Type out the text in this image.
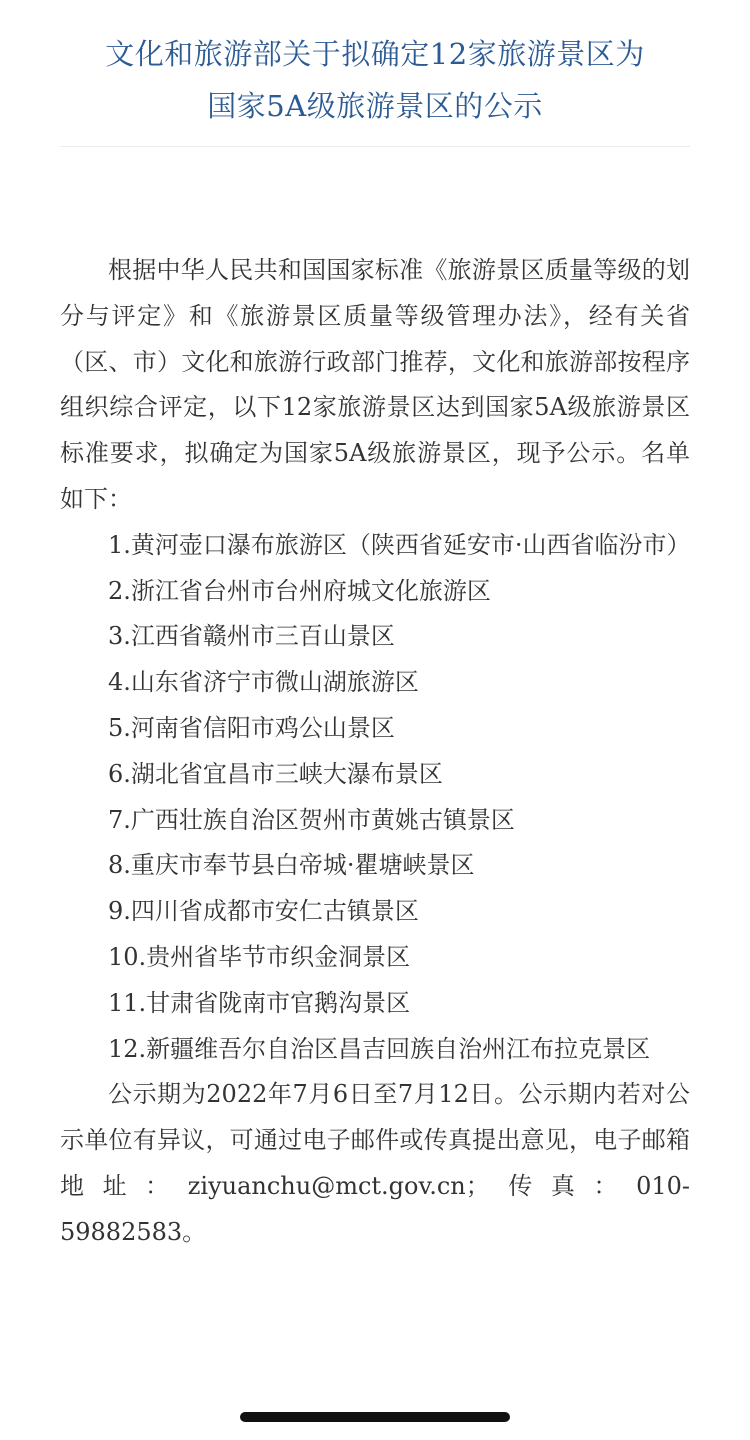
文化和旅游部关于拟确定12家旅游景区为
国家5A级旅游景区的公示

根据中华人民共和国国家标准《旅游景区质量等级的划分与评定》和《旅游景区质量等级管理办法》，经有关省（区、市）文化和旅游行政部门推荐，文化和旅游部按程序组织综合评定，以下12家旅游景区达到国家5A级旅游景区标准要求，拟确定为国家5A级旅游景区，现予公示。名单如下：

1.黄河壶口瀑布旅游区（陕西省延安市·山西省临汾市）

2.浙江省台州市台州府城文化旅游区

3.江西省赣州市三百山景区

4.山东省济宁市微山湖旅游区

5.河南省信阳市鸡公山景区

6.湖北省宜昌市三峡大瀑布景区

7.广西壮族自治区贺州市黄姚古镇景区

8.重庆市奉节县白帝城·瞿塘峡景区

9.四川省成都市安仁古镇景区

10.贵州省毕节市织金洞景区

11.甘肃省陇南市官鹅沟景区

12.新疆维吾尔自治区昌吉回族自治州江布拉克景区

公示期为2022年7月6日至7月12日。公示期内若对公示单位有异议，可通过电子邮件或传真提出意见，电子邮箱地址：ziyuanchu@mct.gov.cn；传真：010-59882583。
